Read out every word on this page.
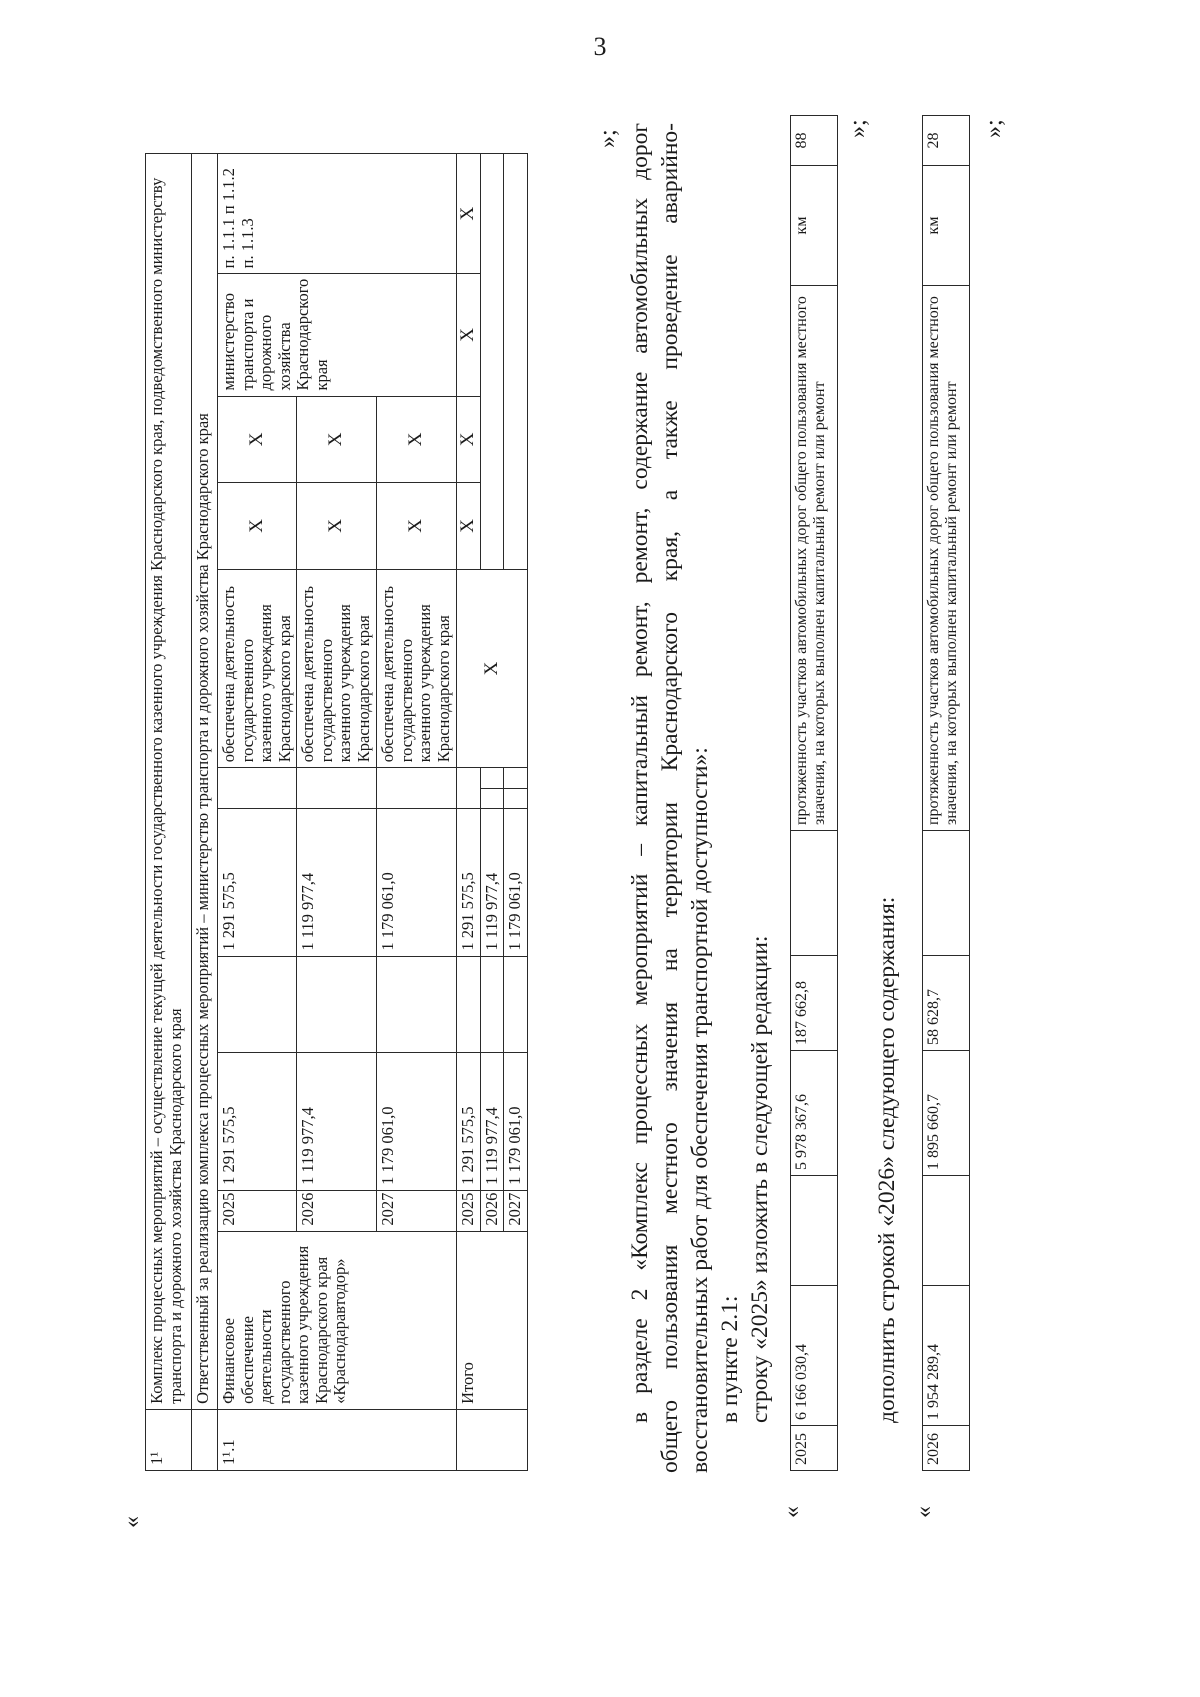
3
«
1¹	Комплекс процессных мероприятий – осуществление текущей деятельности государственного казенного учреждения Краснодарского края, подведомственного министерству транспорта и дорожного хозяйства Краснодарского края											
	Ответственный за реализацию комплекса процессных мероприятий – министерство транспорта и дорожного хозяйства Краснодарского края											
1¹.1	Финансовое обеспечение деятельности государственного казенного учреждения Краснодарского края «Краснодаравтодор»	2025	1 291 575,5		1 291 575,5			обеспечена деятельность государственного казенного учреждения Краснодарского края	X	X	министерство транспорта и дорожного хозяйства Краснодарского края	п. 1.1.1 п 1.1.2 п. 1.1.3
		2026	1 119 977,4		1 119 977,4			обеспечена деятельность государственного казенного учреждения Краснодарского края	X	X		
		2027	1 179 061,0		1 179 061,0			обеспечена деятельность государственного казенного учреждения Краснодарского края	X	X		
	Итого	2025	1 291 575,5		1 291 575,5			X	X	X	X	X
		2026	1 119 977,4		1 119 977,4							
		2027	1 179 061,0		1 179 061,0							
»; в разделе 2 «Комплекс процессных мероприятий – капитальный ремонт, ремонт, содержание автомобильных дорог общего пользования местного значения на территории Краснодарского края, а также проведение аварийно- восстановительных работ для обеспечения транспортной доступности»: в пункте 2.1: строку «2025» изложить в следующей редакции:
«
2025	6 166 030,4		5 978 367,6	187 662,8		протяженность участков автомобильных дорог общего пользования местного значения, на которых выполнен капитальный ремонт или ремонт	км	88
»;
дополнить строкой «2026» следующего содержания:
«
2026	1 954 289,4		1 895 660,7	58 628,7		протяженность участков автомобильных дорог общего пользования местного значения, на которых выполнен капитальный ремонт или ремонт	км	28
»;
